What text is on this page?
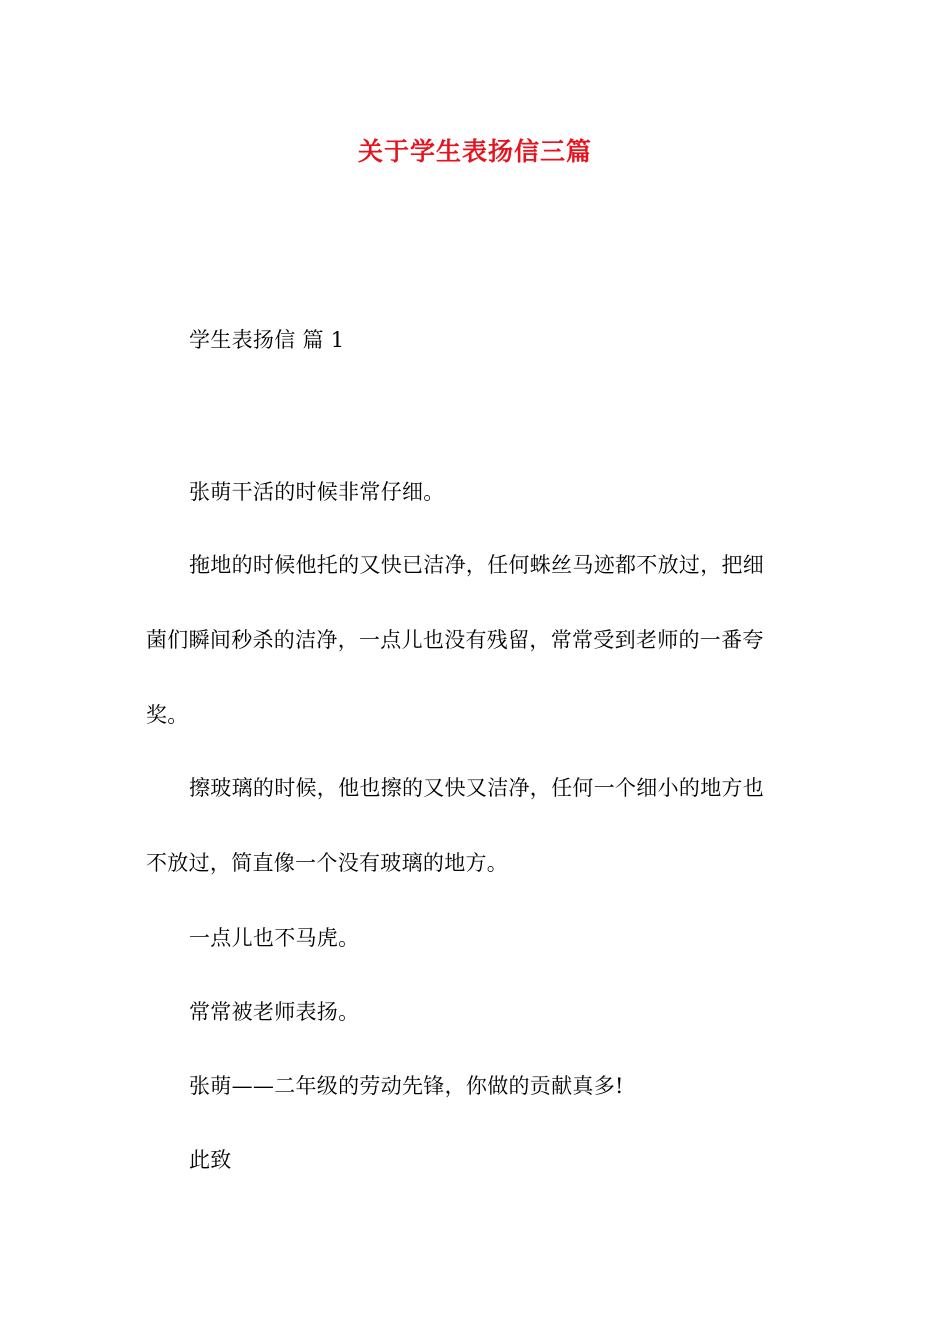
关于学生表扬信三篇
学生表扬信 篇 1
张萌干活的时候非常仔细。
拖地的时候他托的又快已洁净，任何蛛丝马迹都不放过，把细
菌们瞬间秒杀的洁净，一点儿也没有残留，常常受到老师的一番夸
奖。
擦玻璃的时候，他也擦的又快又洁净，任何一个细小的地方也
不放过，简直像一个没有玻璃的地方。
一点儿也不马虎。
常常被老师表扬。
张萌——二年级的劳动先锋，你做的贡献真多!
此致
